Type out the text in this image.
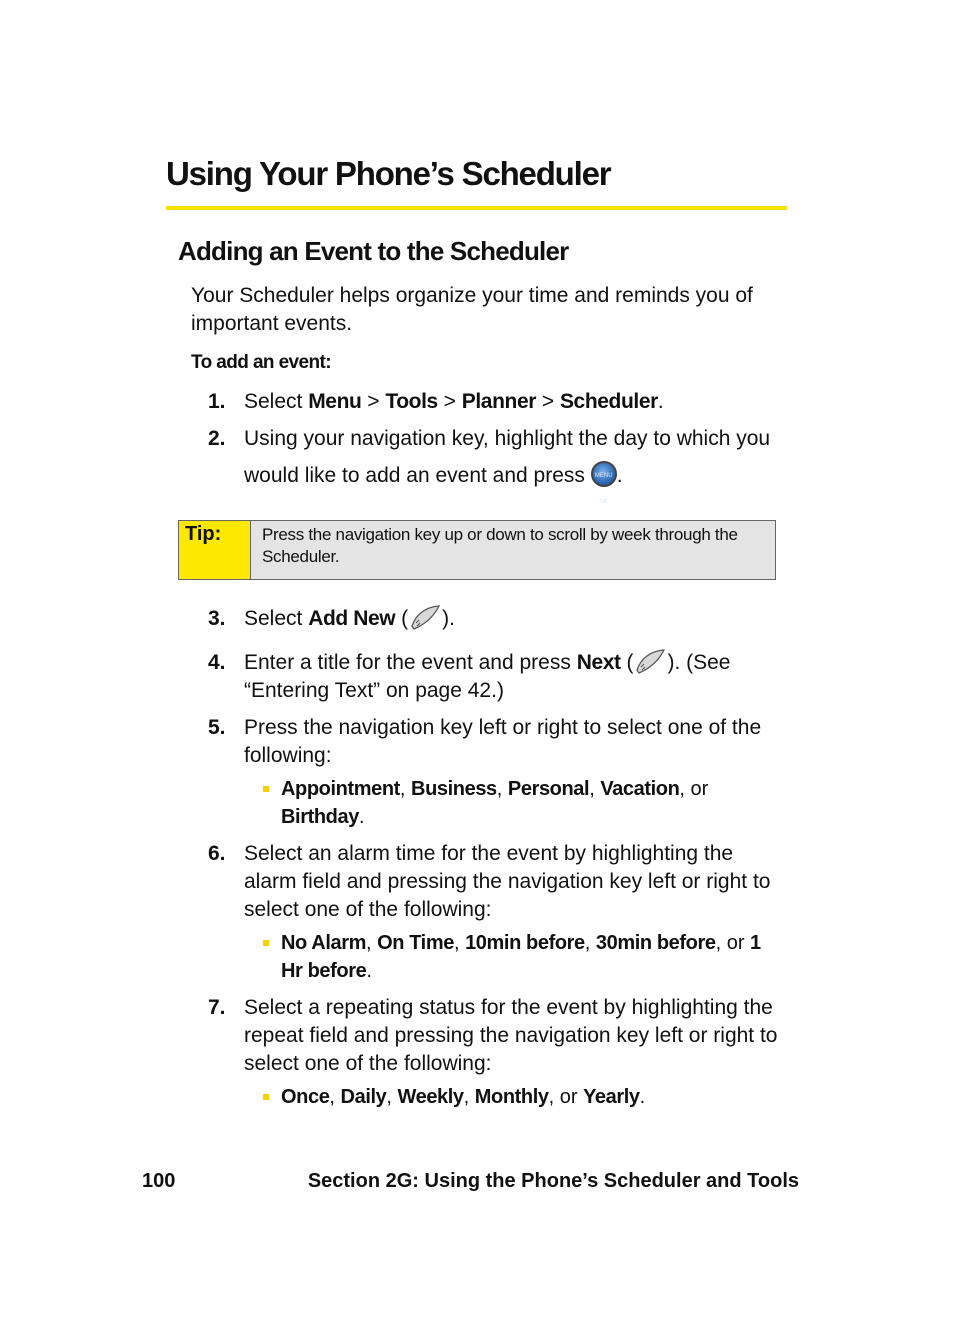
Using Your Phone’s Scheduler
Adding an Event to the Scheduler

Your Scheduler helps organize your time and reminds you of important events.

To add an event:

1. Select Menu > Tools > Planner > Scheduler.
2. Using your navigation key, highlight the day to which you would like to add an event and press MENU OK.
Tip:	Press the navigation key up or down to scroll by week through the Scheduler.
3. Select Add New ( ).
4. Enter a title for the event and press Next ( ). (See “Entering Text” on page 42.)
5. Press the navigation key left or right to select one of the following:
Appointment, Business, Personal, Vacation, or Birthday.
6. Select an alarm time for the event by highlighting the alarm field and pressing the navigation key left or right to select one of the following:
No Alarm, On Time, 10min before, 30min before, or 1 Hr before.
7. Select a repeating status for the event by highlighting the repeat field and pressing the navigation key left or right to select one of the following:
Once, Daily, Weekly, Monthly, or Yearly.
100	Section 2G: Using the Phone’s Scheduler and Tools
